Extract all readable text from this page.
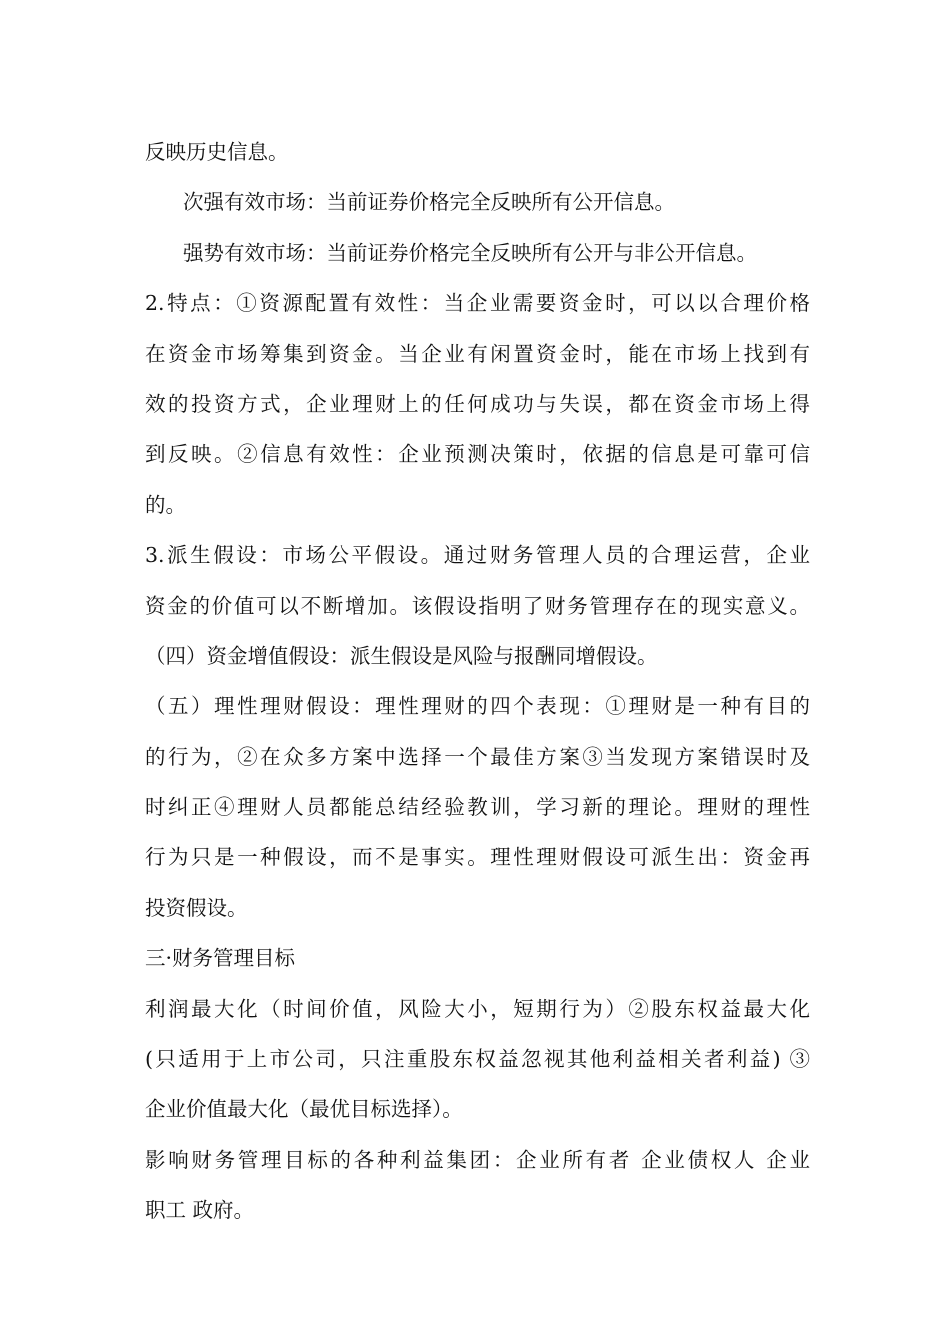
反映历史信息。
次强有效市场：当前证券价格完全反映所有公开信息。
强势有效市场：当前证券价格完全反映所有公开与非公开信息。
2.特点：①资源配置有效性：当企业需要资金时，可以以合理价格
在资金市场筹集到资金。当企业有闲置资金时，能在市场上找到有
效的投资方式，企业理财上的任何成功与失误，都在资金市场上得
到反映。②信息有效性：企业预测决策时，依据的信息是可靠可信
的。
3.派生假设：市场公平假设。通过财务管理人员的合理运营，企业
资金的价值可以不断增加。该假设指明了财务管理存在的现实意义。
（四）资金增值假设：派生假设是风险与报酬同增假设。
（五）理性理财假设：理性理财的四个表现：①理财是一种有目的
的行为，②在众多方案中选择一个最佳方案③当发现方案错误时及
时纠正④理财人员都能总结经验教训，学习新的理论。理财的理性
行为只是一种假设，而不是事实。理性理财假设可派生出：资金再
投资假设。
三·财务管理目标
利润最大化（时间价值，风险大小，短期行为）②股东权益最大化
(只适用于上市公司，只注重股东权益忽视其他利益相关者利益) ③
企业价值最大化（最优目标选择）。
影响财务管理目标的各种利益集团：企业所有者 企业债权人 企业
职工 政府。
